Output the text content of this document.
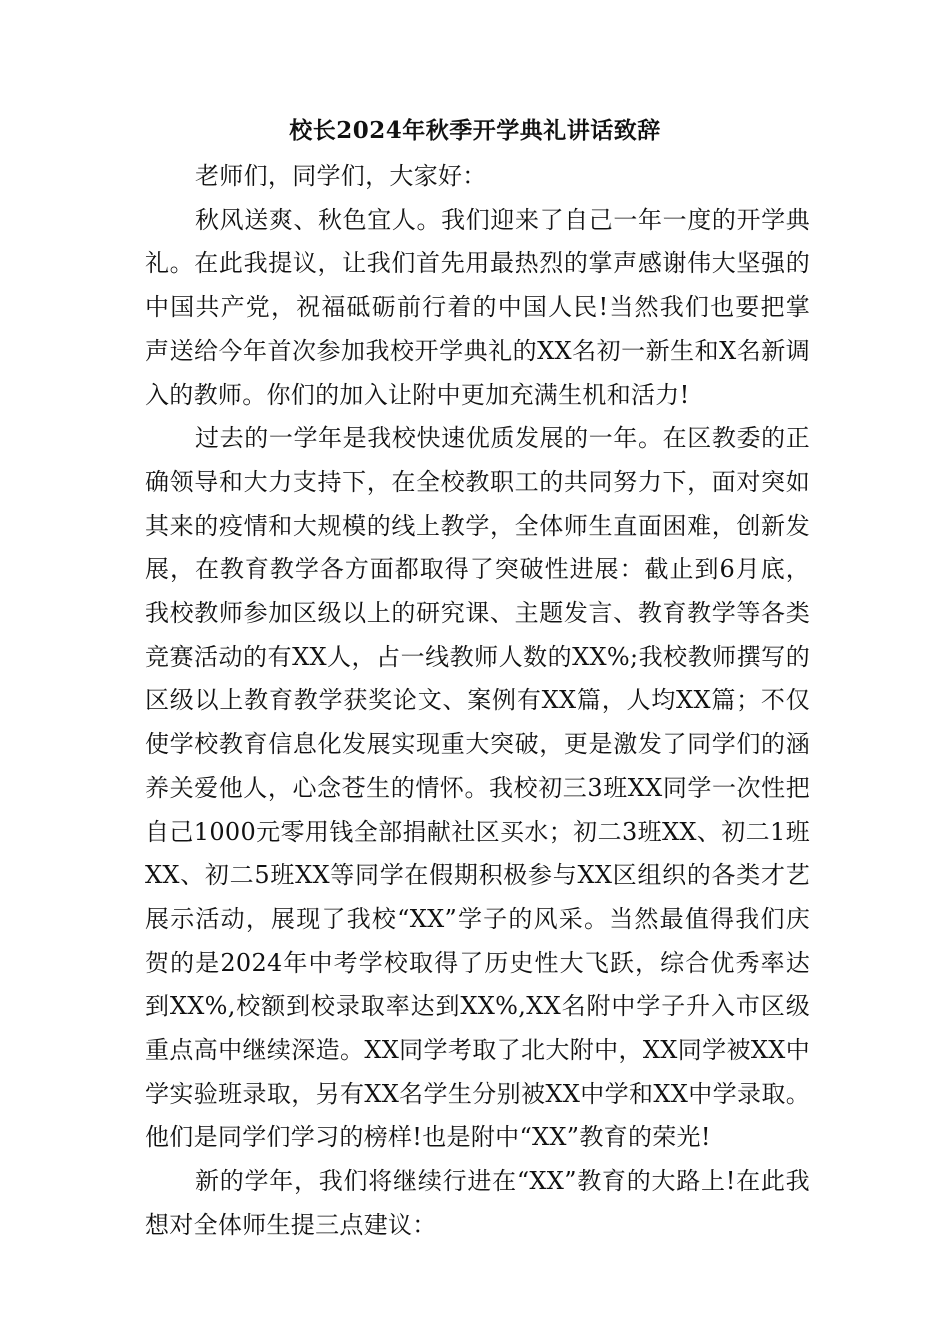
校长2024年秋季开学典礼讲话致辞

老师们，同学们，大家好：

秋风送爽、秋色宜人。我们迎来了自己一年一度的开学典礼。在此我提议，让我们首先用最热烈的掌声感谢伟大坚强的中国共产党，祝福砥砺前行着的中国人民!当然我们也要把掌声送给今年首次参加我校开学典礼的XX名初一新生和X名新调入的教师。你们的加入让附中更加充满生机和活力!

过去的一学年是我校快速优质发展的一年。在区教委的正确领导和大力支持下，在全校教职工的共同努力下，面对突如其来的疫情和大规模的线上教学，全体师生直面困难，创新发展，在教育教学各方面都取得了突破性进展：截止到6月底，我校教师参加区级以上的研究课、主题发言、教育教学等各类竞赛活动的有XX人，占一线教师人数的XX%;我校教师撰写的区级以上教育教学获奖论文、案例有XX篇，人均XX篇；不仅使学校教育信息化发展实现重大突破，更是激发了同学们的涵养关爱他人，心念苍生的情怀。我校初三3班XX同学一次性把自己1000元零用钱全部捐献社区买水；初二3班XX、初二1班XX、初二5班XX等同学在假期积极参与XX区组织的各类才艺展示活动，展现了我校“XX”学子的风采。当然最值得我们庆贺的是2024年中考学校取得了历史性大飞跃，综合优秀率达到XX%,校额到校录取率达到XX%,XX名附中学子升入市区级重点高中继续深造。XX同学考取了北大附中，XX同学被XX中学实验班录取，另有XX名学生分别被XX中学和XX中学录取。他们是同学们学习的榜样!也是附中“XX”教育的荣光!

新的学年，我们将继续行进在“XX”教育的大路上!在此我想对全体师生提三点建议：
